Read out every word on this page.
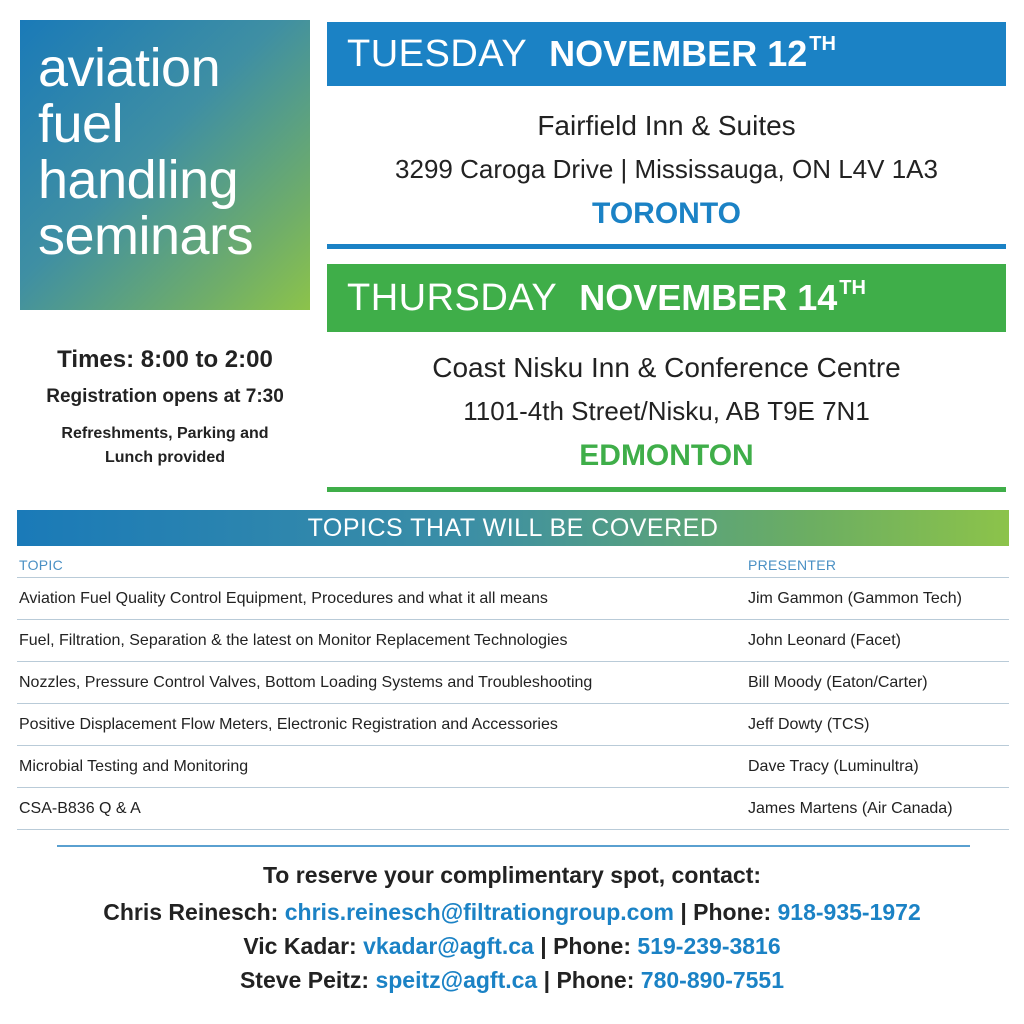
aviation
fuel
handling
seminars
TUESDAY NOVEMBER 12 $^{TH}$
Fairfield Inn & Suites
3299 Caroga Drive | Mississauga, ON L4V 1A3
TORONTO
THURSDAY NOVEMBER 14 $^{TH}$
Coast Nisku Inn & Conference Centre
1101-4th Street/Nisku, AB T9E 7N1
EDMONTON
Times: 8:00 to 2:00
Registration opens at 7:30
Refreshments, Parking and
Lunch provided
TOPICS THAT WILL BE COVERED
TOPIC	PRESENTER
Aviation Fuel Quality Control Equipment, Procedures and what it all means	Jim Gammon (Gammon Tech)
Fuel, Filtration, Separation & the latest on Monitor Replacement Technologies	John Leonard (Facet)
Nozzles, Pressure Control Valves, Bottom Loading Systems and Troubleshooting	Bill Moody (Eaton/Carter)
Positive Displacement Flow Meters, Electronic Registration and Accessories	Jeff Dowty (TCS)
Microbial Testing and Monitoring	Dave Tracy (Luminultra)
CSA-B836 Q & A	James Martens (Air Canada)
To reserve your complimentary spot, contact:
Chris Reinesch: chris.reinesch@filtrationgroup.com | Phone: 918-935-1972
Vic Kadar: vkadar@agft.ca | Phone: 519-239-3816
Steve Peitz: speitz@agft.ca | Phone: 780-890-7551
